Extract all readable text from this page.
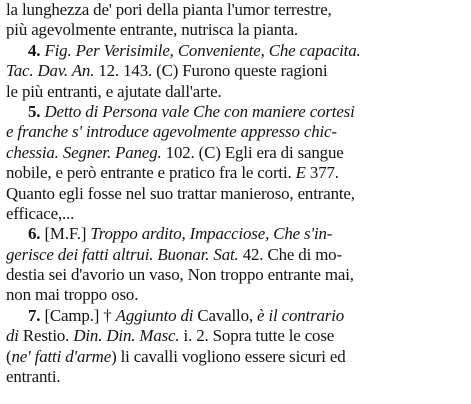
la lunghezza de' pori della pianta l'umor terrestre,
più agevolmente entrante, nutrisca la pianta.
4. Fig. Per Verisimile, Conveniente, Che capacita.
Tac. Dav. An. 12. 143. (C) Furono queste ragioni
le più entranti, e ajutate dall'arte.
5. Detto di Persona vale Che con maniere cortesi
e franche s' introduce agevolmente appresso chic-
chessia. Segner. Paneg. 102. (C) Egli era di sangue
nobile, e però entrante e pratico fra le corti. E 377.
Quanto egli fosse nel suo trattar manieroso, entrante,
efficace,...
6. [M.F.] Troppo ardito, Impacciose, Che s'in-
gerisce dei fatti altrui. Buonar. Sat. 42. Che di mo-
destia sei d'avorio un vaso, Non troppo entrante mai,
non mai troppo oso.
7. [Camp.] † Aggiunto di Cavallo, è il contrario
di Restio. Din. Din. Masc. i. 2. Sopra tutte le cose
(ne' fatti d'arme) li cavalli vogliono essere sicuri ed
entranti.
